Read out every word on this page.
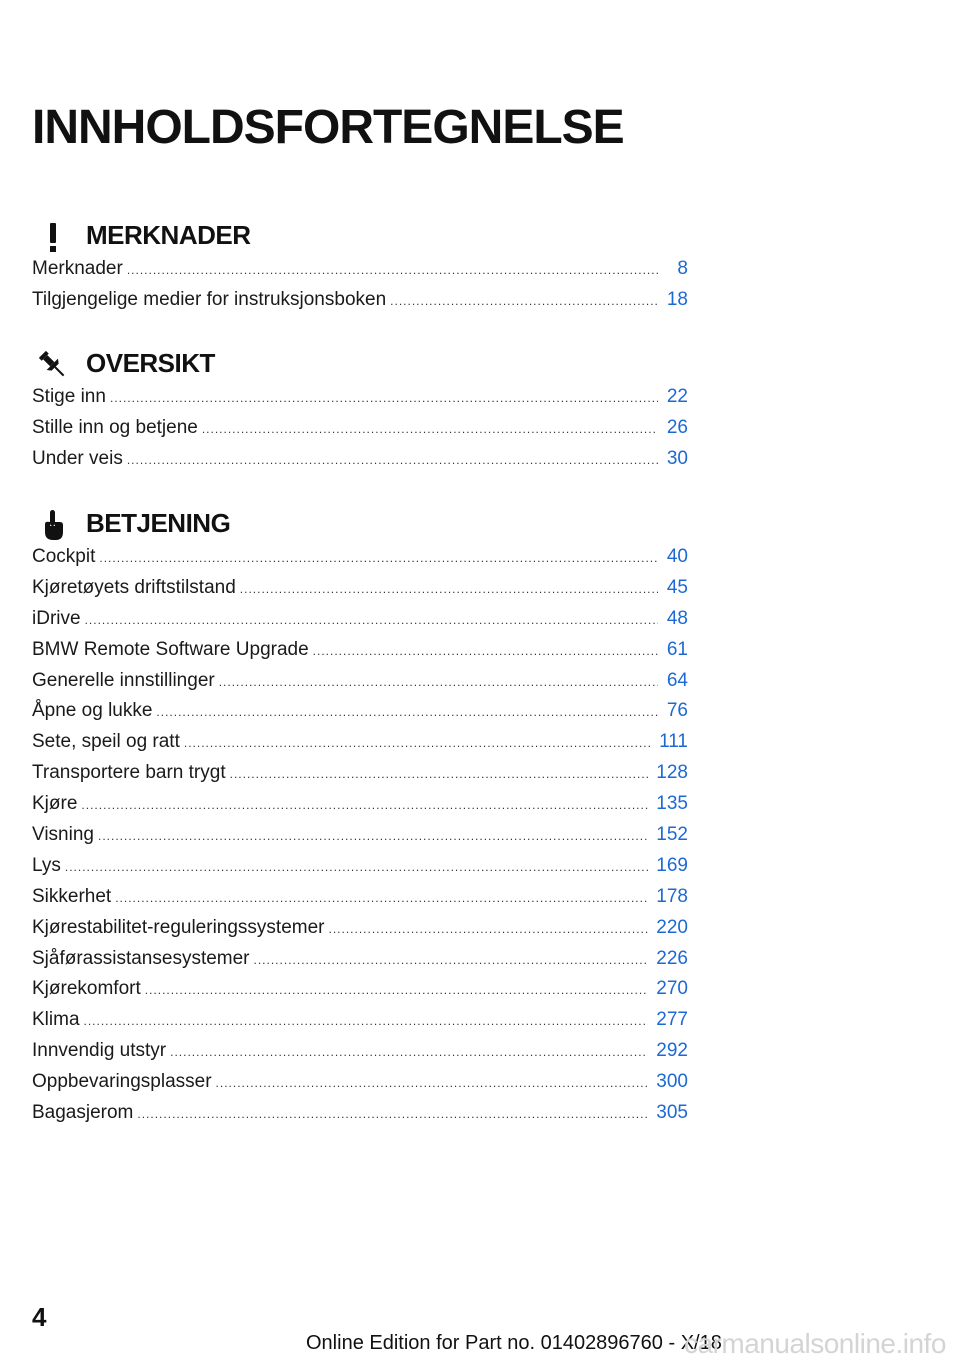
INNHOLDSFORTEGNELSE
MERKNADER
Merknader .....	8
Tilgjengelige medier for instruksjonsboken .....	18
OVERSIKT
Stige inn .....	22
Stille inn og betjene .....	26
Under veis .....	30
BETJENING
Cockpit .....	40
Kjøretøyets driftstilstand .....	45
iDrive .....	48
BMW Remote Software Upgrade .....	61
Generelle innstillinger .....	64
Åpne og lukke .....	76
Sete, speil og ratt .....	111
Transportere barn trygt .....	128
Kjøre .....	135
Visning .....	152
Lys .....	169
Sikkerhet .....	178
Kjørestabilitet-reguleringssystemer .....	220
Sjåførassistansesystemer .....	226
Kjørekomfort .....	270
Klima .....	277
Innvendig utstyr .....	292
Oppbevaringsplasser .....	300
Bagasjerom .....	305
4
Online Edition for Part no. 01402896760 - X/18
carmanualsonline.info
